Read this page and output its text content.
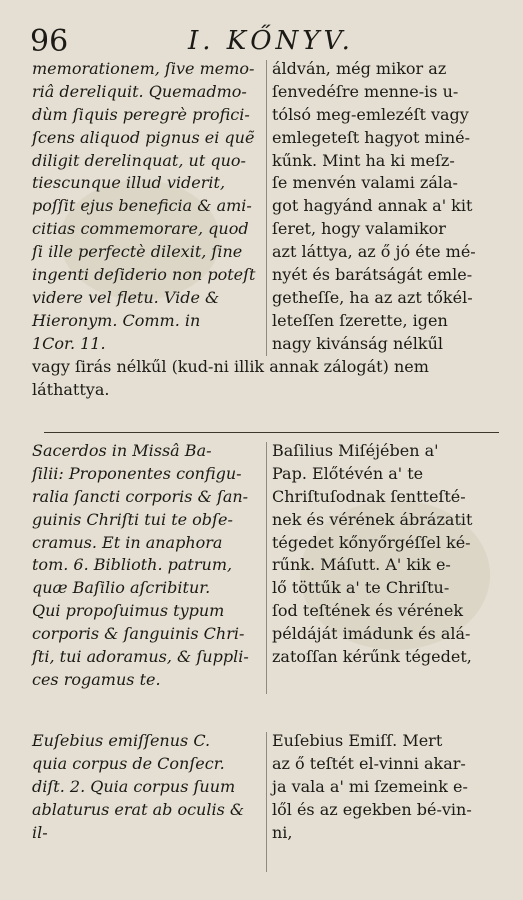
96	I. KŐNYV.
memorationem, ſive memo-
riâ dereliquit. Quemadmo-
dùm ſiquis peregrè profici-
ſcens aliquod pignus ei quẽ
diligit derelinquat, ut quo-
tiescunque illud viderit,
poſſit ejus beneficia & ami-
citias commemorare, quod
ſi ille perfectè dilexit, ſine
ingenti deſiderio non poteſt
videre vel fletu. Vide &
Hieronym. Comm. in
1Cor. 11.
áldván, még mikor az
ſenvedéſre menne-is u-
tólsó meg-emlezéſt vagy
emlegeteſt hagyot miné-
kűnk. Mint ha ki meſz-
ſe menvén valami zála-
got hagyánd annak a' kit
ſeret, hogy valamikor
azt láttya, az ő jó éte mé-
nyét és barátságát emle-
getheſſe, ha az azt tőkél-
leteſſen ſzerette, igen
nagy kivánság nélkűl
vagy ſirás nélkűl (kud-ni illik annak zálogát) nem
láthattya.
Sacerdos in Missâ Ba-
ſilii: Proponentes configu-
ralia ſancti corporis & ſan-
guinis Chriſti tui te obſe-
cramus. Et in anaphora
tom. 6. Biblioth. patrum,
quæ Baſilio aſcribitur.
Qui propoſuimus typum
corporis & ſanguinis Chri-
ſti, tui adoramus, & ſuppli-
ces rogamus te.
Baſilius Miſéjében a'
Pap. Előtévén a' te
Chriſtuſodnak ſentteſté-
nek és vérének ábrázatit
tégedet kőnyőrgéſſel ké-
rűnk. Máſutt. A' kik e-
lő töttűk a' te Chriſtu-
ſod teſtének és vérének
példáját imádunk és alá-
zatoſſan kérűnk tégedet,
Euſebius emiſſenus C.
quia corpus de Conſecr.
diſt. 2. Quia corpus ſuum
ablaturus erat ab oculis &
il-
Euſebius Emiſſ. Mert
az ő teſtét el-vinni akar-
ja vala a' mi ſzemeink e-
lől és az egekben bé-vin-
ni,
